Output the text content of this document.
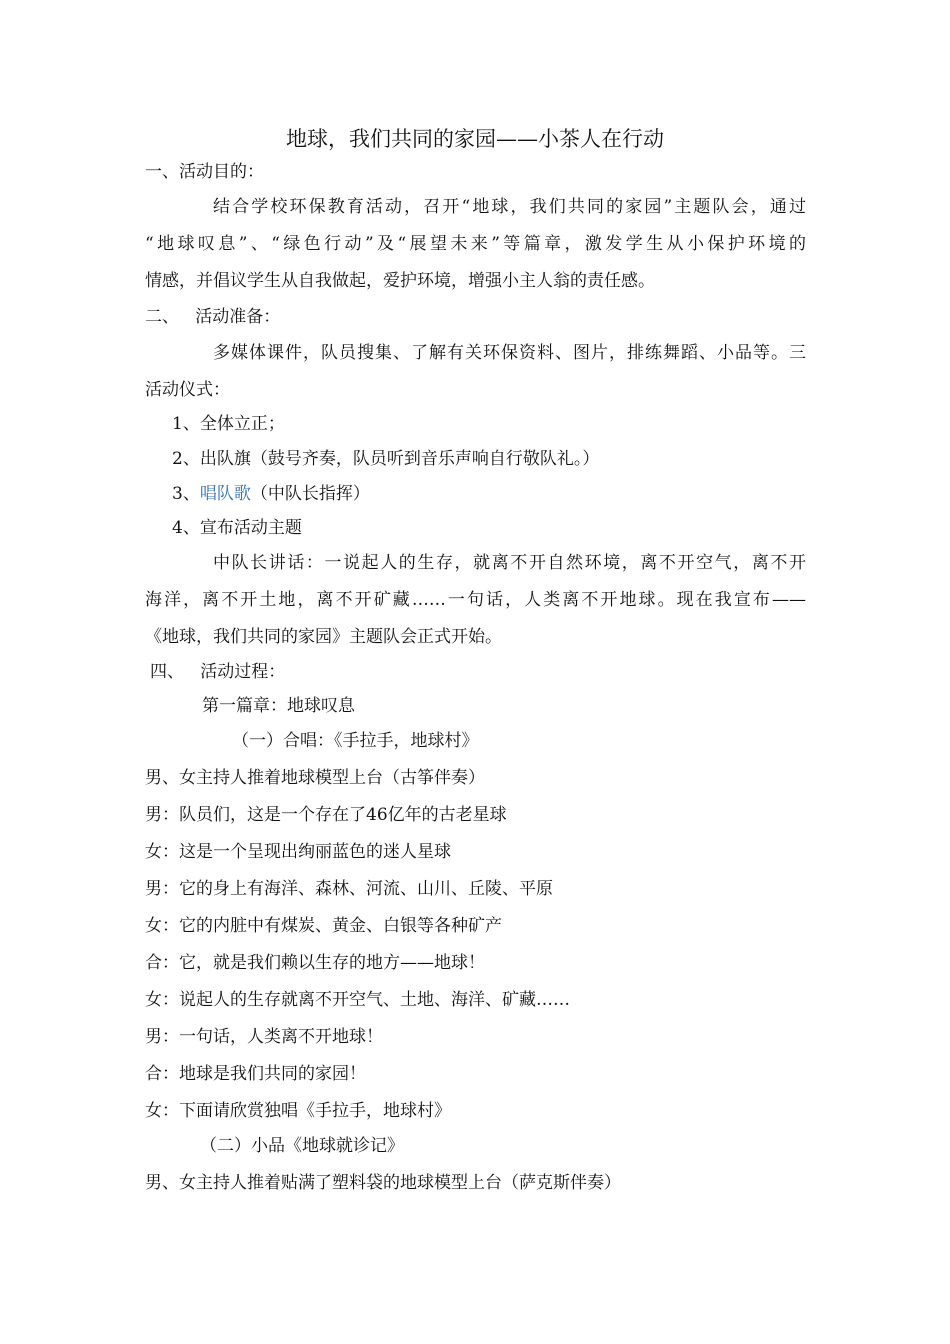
地球，我们共同的家园——小茶人在行动
一、活动目的：
结合学校环保教育活动，召开“地球，我们共同的家园”主题队会，通过
“地球叹息”、“绿色行动”及“展望未来”等篇章，激发学生从小保护环境的
情感，并倡议学生从自我做起，爱护环境，增强小主人翁的责任感。
二、   活动准备：
多媒体课件，队员搜集、了解有关环保资料、图片，排练舞蹈、小品等。三
活动仪式：
1、全体立正；
2、出队旗（鼓号齐奏，队员听到音乐声响自行敬队礼。）
3、唱队歌（中队长指挥）
4、宣布活动主题
中队长讲话：一说起人的生存，就离不开自然环境，离不开空气，离不开
海洋，离不开土地，离不开矿藏……一句话，人类离不开地球。现在我宣布——
《地球，我们共同的家园》主题队会正式开始。
四、   活动过程：
第一篇章：地球叹息
（一）合唱：《手拉手，地球村》
男、女主持人推着地球模型上台（古筝伴奏）
男：队员们，这是一个存在了46亿年的古老星球
女：这是一个呈现出绚丽蓝色的迷人星球
男：它的身上有海洋、森林、河流、山川、丘陵、平原
女：它的内脏中有煤炭、黄金、白银等各种矿产
合：它，就是我们赖以生存的地方——地球！
女：说起人的生存就离不开空气、土地、海洋、矿藏……
男：一句话，人类离不开地球！
合：地球是我们共同的家园！
女：下面请欣赏独唱《手拉手，地球村》
（二）小品《地球就诊记》
男、女主持人推着贴满了塑料袋的地球模型上台（萨克斯伴奏）
